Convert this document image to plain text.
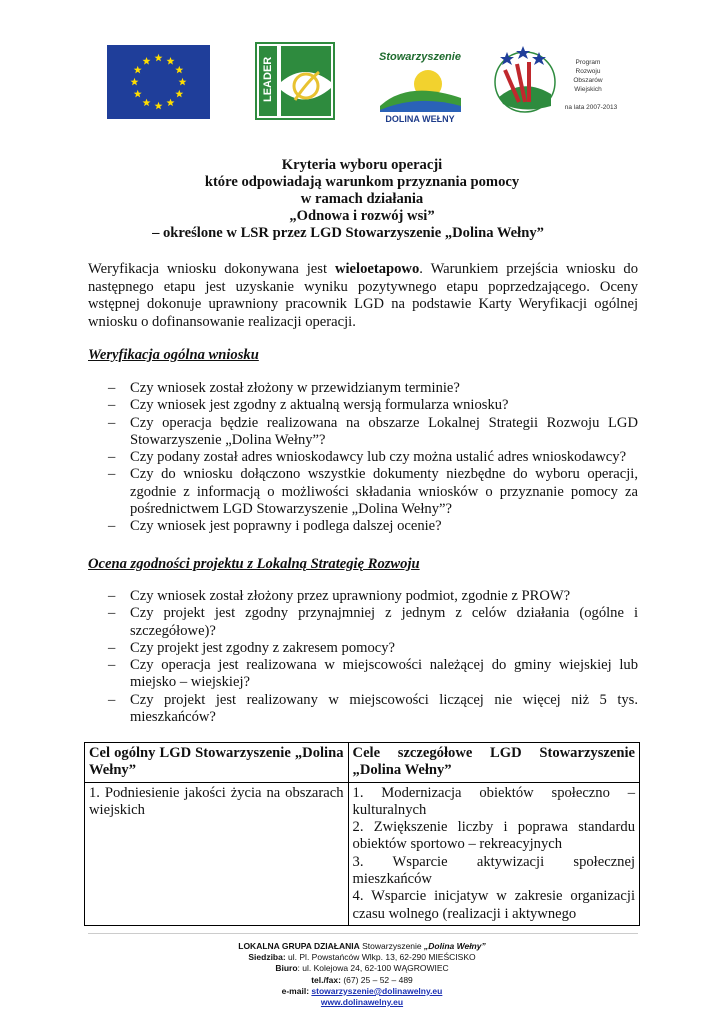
LEADER	Stowarzyszenie
DOLINA WEŁNY
Program
Rozwoju
Obszarów
Wiejskich
na lata 2007-2013
Kryteria wyboru operacji
które odpowiadają warunkom przyznania pomocy
w ramach działania
„Odnowa i rozwój wsi”
– określone w LSR przez LGD Stowarzyszenie „Dolina Wełny”
Weryfikacja wniosku dokonywana jest wieloetapowo. Warunkiem przejścia wniosku do następnego etapu jest uzyskanie wyniku pozytywnego etapu poprzedzającego. Oceny wstępnej dokonuje uprawniony pracownik LGD na podstawie Karty Weryfikacji ogólnej wniosku o dofinansowanie realizacji operacji.
Weryfikacja ogólna wniosku
– Czy wniosek został złożony w przewidzianym terminie?
– Czy wniosek jest zgodny z aktualną wersją formularza wniosku?
– Czy operacja będzie realizowana na obszarze Lokalnej Strategii Rozwoju LGD Stowarzyszenie „Dolina Wełny”?
– Czy podany został adres wnioskodawcy lub czy można ustalić adres wnioskodawcy?
– Czy do wniosku dołączono wszystkie dokumenty niezbędne do wyboru operacji, zgodnie z informacją o możliwości składania wniosków o przyznanie pomocy za pośrednictwem LGD Stowarzyszenie „Dolina Wełny”?
– Czy wniosek jest poprawny i podlega dalszej ocenie?
Ocena zgodności projektu z Lokalną Strategię Rozwoju
– Czy wniosek został złożony przez uprawniony podmiot, zgodnie z PROW?
– Czy projekt jest zgodny przynajmniej z jednym z celów działania (ogólne i szczegółowe)?
– Czy projekt jest zgodny z zakresem pomocy?
– Czy operacja jest realizowana w miejscowości należącej do gminy wiejskiej lub miejsko – wiejskiej?
– Czy projekt jest realizowany w miejscowości liczącej nie więcej niż 5 tys. mieszkańców?
Cel ogólny LGD Stowarzyszenie „Dolina Wełny”	Cele szczegółowe LGD Stowarzyszenie „Dolina Wełny”
1. Podniesienie jakości życia na obszarach wiejskich	1. Modernizacja obiektów społeczno – kulturalnych
2. Zwiększenie liczby i poprawa standardu obiektów sportowo – rekreacyjnych
3. Wsparcie aktywizacji społecznej mieszkańców
4. Wsparcie inicjatyw w zakresie organizacji czasu wolnego (realizacji i aktywnego
LOKALNA GRUPA DZIAŁANIA Stowarzyszenie „Dolina Wełny”
Siedziba: ul. Pl. Powstańców Wlkp. 13, 62-290 MIEŚCISKO
Biuro: ul. Kolejowa 24, 62-100 WĄGROWIEC
tel./fax: (67) 25 – 52 – 489
e-mail: stowarzyszenie@dolinawelny.eu
www.dolinawelny.eu
